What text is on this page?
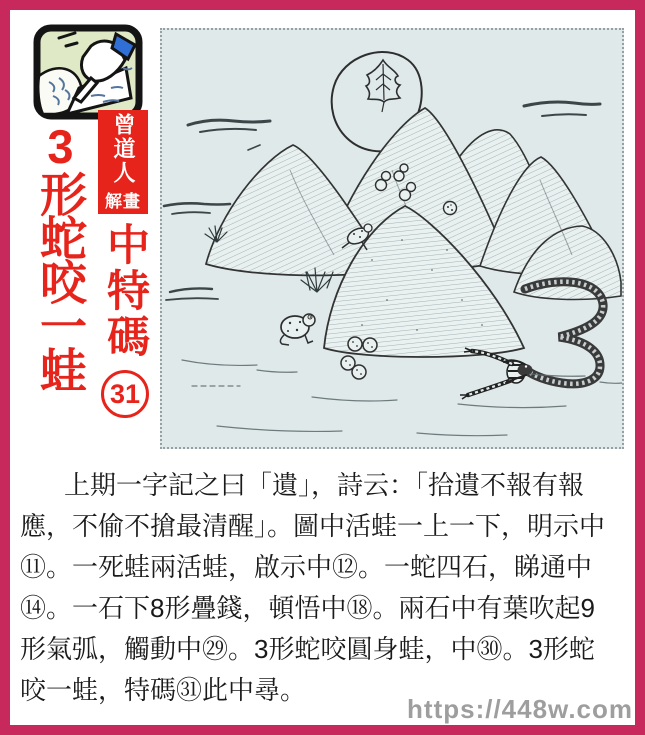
3形蛇咬一蛙	曾道人
解畫
中特碼
31

上期一字記之曰「遺」，詩云：「拾遺不報有報

應，不偷不搶最清醒」。圖中活蛙一上一下，明示中

⑪。一死蛙兩活蛙，啟示中⑫。一蛇四石，睇通中

⑭。一石下8形疊錢，頓悟中⑱。兩石中有葉吹起9

形氣弧，觸動中㉙。3形蛇咬圓身蛙，中㉚。3形蛇

咬一蛙，特碼㉛此中尋。

https://448w.com
